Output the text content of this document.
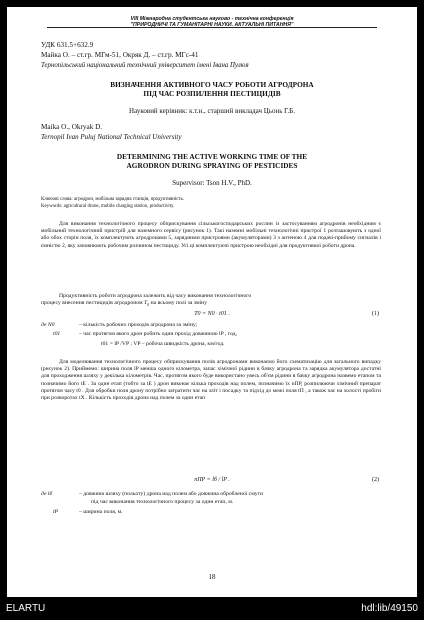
VIII Міжнародна студентська науково - технічна конференція
"ПРИРОДНИЧІ ТА ГУМАНІТАРНІ НАУКИ. АКТУАЛЬНІ ПИТАННЯ"
УДК 631.5+632.9
Майка О. – ст.гр. МГм-51, Окряк Д. – ст.гр. МГс-41
Тернопільський національний технічний університет імені Івана Пулюя
ВИЗНАЧЕННЯ АКТИВНОГО ЧАСУ РОБОТИ АГРОДРОНА
ПІД ЧАС РОЗПИЛЕННЯ ПЕСТИЦИДІВ
Науковий керівник: к.т.н., старший викладач Цьонь Г.Б.
Maika O., Okryak D.
Ternopil Ivan Puluj National Technical University
DETERMINING THE ACTIVE WORKING TIME OF THE
AGRODRON DURING SPRAYING OF PESTICIDES
Supervisor: Tson H.V., PhD.
Ключові слова: агродрон, мобільна зарядна станція, продуктивність.
Keywords: agricultural drone, mobile charging station, productivity.
Для виконання технологічного процесу обприскування сільськогосподарських рослин із застосуванням агродронів необхідним є мобільний технологічний пристрій для наземного сервісу (рисунок 1). Такі наземні мобільні технологічні пристрої 1 розташовують з одної або обох сторін поля, їх комплектують агродронами 5, зарядними пристроями (акумуляторами) 3 з антеною 4 для подачі-прийому сигналів і ємністю 2, яку заповнюють робочим розчином пестициду. Усі ці комплектуючі пристрою необхідні для продуктивної роботи дрона.
Продуктивність роботи агродрона залежить від часу виконання технологічного
процесу внесення пестицидів агродроном $T_0$ на всьому полі за зміну
T0 = N0 · t01 .	(1)
де N0	– кількість робочих проходів агродрона за зміну;
t01	– час протягом якого дрон робить один прохід довжиною lP , год,
t01 = lP /VP ; VP – робоча швидкість дрона, км/год.
Для моделювання технологічного процесу обприскування полів агродронами виконаємо його схематизацію для загального випадку (рисунок 2). Приймемо: ширина поля lP менша одного кілометра, запас хімічної рідини в бачку агродрона та зарядка акумулятора достатні для проходження шляху у декілька кілометрів. Час, протягом якого буде використано увесь об'єм рідини в бачку агродрона назвемо етапом та позначимо його tE . За один етап (тобто за tE ) дрон виконає кілька проходів над полем, позначимо їх nПР, розпилюючи хімічний препарат протягом часу t0 . Для обробки поля дрону потрібно затратити час на зліт і посадку та підхід до межі поля tП , а також час на холості пробіги при розворотах tX . Кількість проходів дрона над полем за один етап
nПР = lб / lP .	(2)
де lб	– довжина шляху (польоту) дрона над полем або довжина обробленої смуги
під час виконання технологічного процесу за один етап, м.
lP	– ширина поля, м.
18
ELARTU	hdl:lib/49150
